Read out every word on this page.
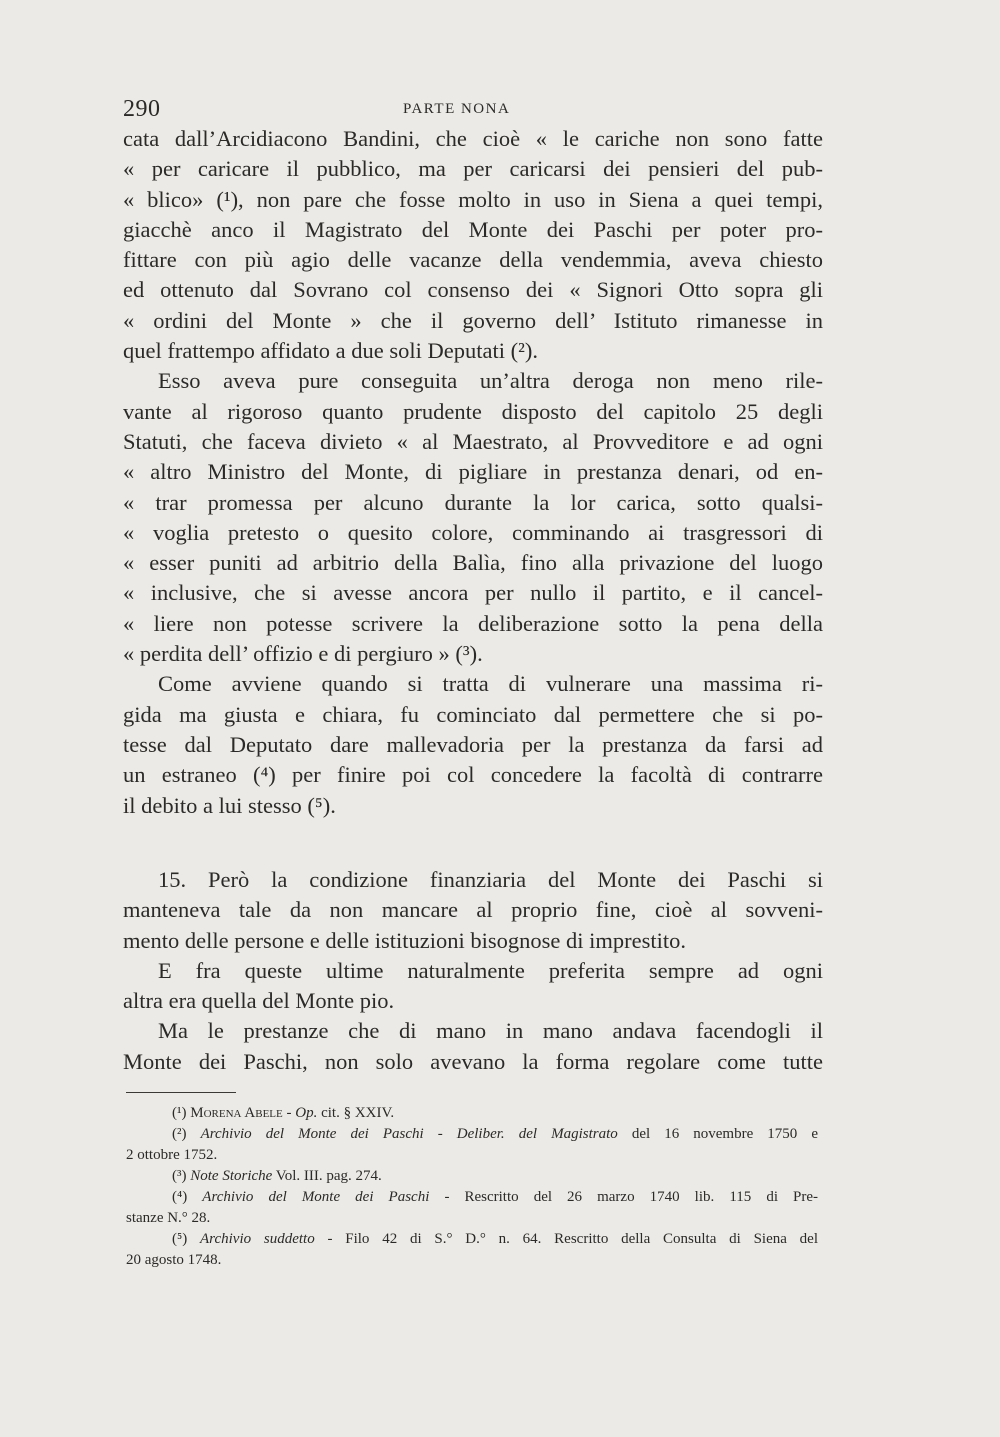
290	PARTE NONA
cata dall’Arcidiacono Bandini, che cioè « le cariche non sono fatte
« per caricare il pubblico, ma per caricarsi dei pensieri del pub-
« blico» (¹), non pare che fosse molto in uso in Siena a quei tempi,
giacchè anco il Magistrato del Monte dei Paschi per poter pro-
fittare con più agio delle vacanze della vendemmia, aveva chiesto
ed ottenuto dal Sovrano col consenso dei « Signori Otto sopra gli
« ordini del Monte » che il governo dell’ Istituto rimanesse in
quel frattempo affidato a due soli Deputati (²).
Esso aveva pure conseguita un’altra deroga non meno rile-
vante al rigoroso quanto prudente disposto del capitolo 25 degli
Statuti, che faceva divieto « al Maestrato, al Provveditore e ad ogni
« altro Ministro del Monte, di pigliare in prestanza denari, od en-
« trar promessa per alcuno durante la lor carica, sotto qualsi-
« voglia pretesto o quesito colore, comminando ai trasgressori di
« esser puniti ad arbitrio della Balìa, fino alla privazione del luogo
« inclusive, che si avesse ancora per nullo il partito, e il cancel-
« liere non potesse scrivere la deliberazione sotto la pena della
« perdita dell’ offizio e di pergiuro » (³).
Come avviene quando si tratta di vulnerare una massima ri-
gida ma giusta e chiara, fu cominciato dal permettere che si po-
tesse dal Deputato dare mallevadoria per la prestanza da farsi ad
un estraneo (⁴) per finire poi col concedere la facoltà di contrarre
il debito a lui stesso (⁵).
15. Però la condizione finanziaria del Monte dei Paschi si
manteneva tale da non mancare al proprio fine, cioè al sovveni-
mento delle persone e delle istituzioni bisognose di imprestito.
E fra queste ultime naturalmente preferita sempre ad ogni
altra era quella del Monte pio.
Ma le prestanze che di mano in mano andava facendogli il
Monte dei Paschi, non solo avevano la forma regolare come tutte
(¹) Morena Abele - Op. cit. § XXIV.
(²) Archivio del Monte dei Paschi - Deliber. del Magistrato del 16 novembre 1750 e
2 ottobre 1752.
(³) Note Storiche Vol. III. pag. 274.
(⁴) Archivio del Monte dei Paschi - Rescritto del 26 marzo 1740 lib. 115 di Pre-
stanze N.° 28.
(⁵) Archivio suddetto - Filo 42 di S.° D.° n. 64. Rescritto della Consulta di Siena del
20 agosto 1748.
